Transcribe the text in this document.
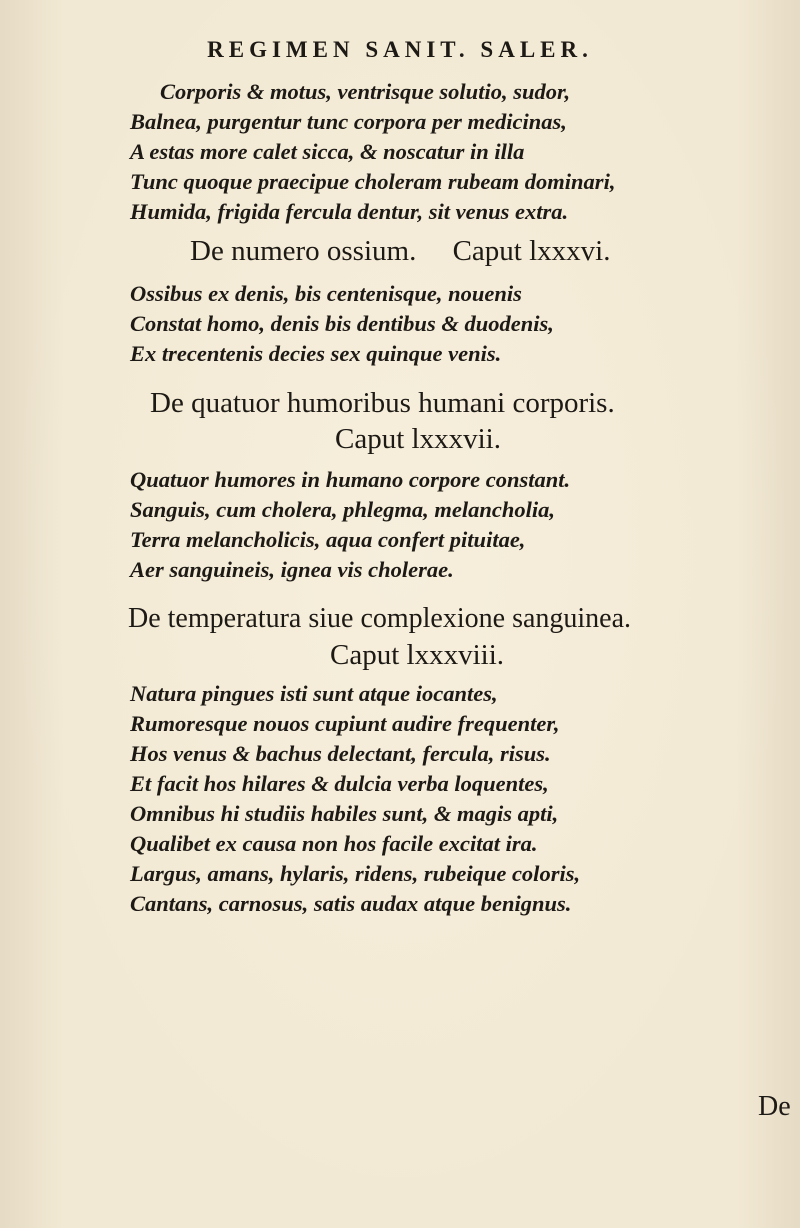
REGIMEN SANIT. SALER.
Corporis & motus, ventrisque solutio, sudor,
Balnea, purgentur tunc corpora per medicinas,
A estas more calet sicca, & noscatur in illa
Tunc quoque praecipue choleram rubeam dominari,
Humida, frigida fercula dentur, sit venus extra.
De numero ossium.     Caput lxxxvi.
Ossibus ex denis, bis centenisque, nouenis
Constat homo, denis bis dentibus & duodenis,
Ex trecentenis decies sex quinque venis.
De quatuor humoribus humani corporis.
Caput lxxxvii.
Quatuor humores in humano corpore constant.
Sanguis, cum cholera, phlegma, melancholia,
Terra melancholicis, aqua confert pituitae,
Aer sanguineis, ignea vis cholerae.
De temperatura siue complexione sanguinea.
Caput lxxxviii.
Natura pingues isti sunt atque iocantes,
Rumoresque nouos cupiunt audire frequenter,
Hos venus & bachus delectant, fercula, risus.
Et facit hos hilares & dulcia verba loquentes,
Omnibus hi studiis habiles sunt, & magis apti,
Qualibet ex causa non hos facile excitat ira.
Largus, amans, hylaris, ridens, rubeique coloris,
Cantans, carnosus, satis audax atque benignus.
De
